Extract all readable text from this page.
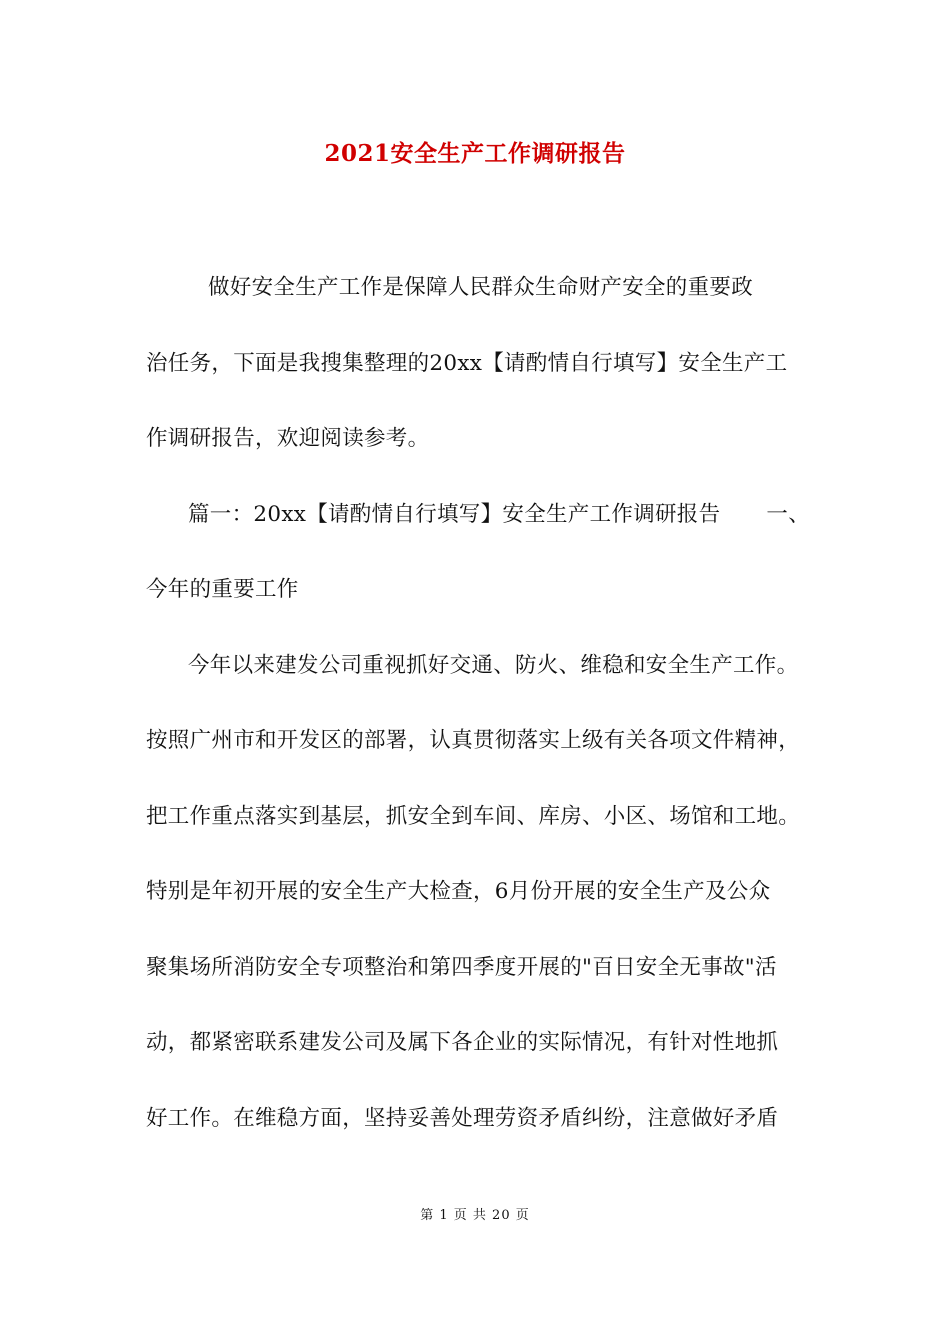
2021安全生产工作调研报告
做好安全生产工作是保障人民群众生命财产安全的重要政
治任务，下面是我搜集整理的20xx【请酌情自行填写】安全生产工
作调研报告，欢迎阅读参考。
篇一：20xx【请酌情自行填写】安全生产工作调研报告 一、
今年的重要工作
今年以来建发公司重视抓好交通、防火、维稳和安全生产工作。
按照广州市和开发区的部署，认真贯彻落实上级有关各项文件精神，
把工作重点落实到基层，抓安全到车间、库房、小区、场馆和工地。
特别是年初开展的安全生产大检查，6月份开展的安全生产及公众
聚集场所消防安全专项整治和第四季度开展的"百日安全无事故"活
动，都紧密联系建发公司及属下各企业的实际情况，有针对性地抓
好工作。在维稳方面，坚持妥善处理劳资矛盾纠纷，注意做好矛盾
第 1 页 共 20 页
